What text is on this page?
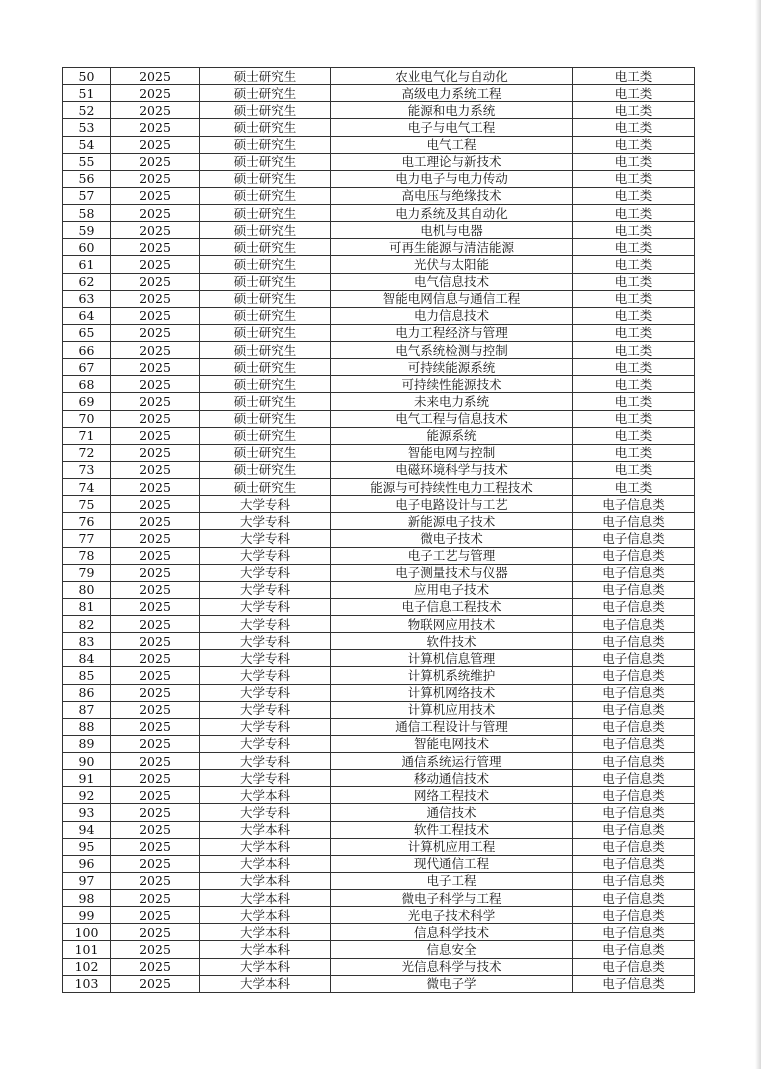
50	2025	硕士研究生	农业电气化与自动化	电工类
51	2025	硕士研究生	高级电力系统工程	电工类
52	2025	硕士研究生	能源和电力系统	电工类
53	2025	硕士研究生	电子与电气工程	电工类
54	2025	硕士研究生	电气工程	电工类
55	2025	硕士研究生	电工理论与新技术	电工类
56	2025	硕士研究生	电力电子与电力传动	电工类
57	2025	硕士研究生	高电压与绝缘技术	电工类
58	2025	硕士研究生	电力系统及其自动化	电工类
59	2025	硕士研究生	电机与电器	电工类
60	2025	硕士研究生	可再生能源与清洁能源	电工类
61	2025	硕士研究生	光伏与太阳能	电工类
62	2025	硕士研究生	电气信息技术	电工类
63	2025	硕士研究生	智能电网信息与通信工程	电工类
64	2025	硕士研究生	电力信息技术	电工类
65	2025	硕士研究生	电力工程经济与管理	电工类
66	2025	硕士研究生	电气系统检测与控制	电工类
67	2025	硕士研究生	可持续能源系统	电工类
68	2025	硕士研究生	可持续性能源技术	电工类
69	2025	硕士研究生	未来电力系统	电工类
70	2025	硕士研究生	电气工程与信息技术	电工类
71	2025	硕士研究生	能源系统	电工类
72	2025	硕士研究生	智能电网与控制	电工类
73	2025	硕士研究生	电磁环境科学与技术	电工类
74	2025	硕士研究生	能源与可持续性电力工程技术	电工类
75	2025	大学专科	电子电路设计与工艺	电子信息类
76	2025	大学专科	新能源电子技术	电子信息类
77	2025	大学专科	微电子技术	电子信息类
78	2025	大学专科	电子工艺与管理	电子信息类
79	2025	大学专科	电子测量技术与仪器	电子信息类
80	2025	大学专科	应用电子技术	电子信息类
81	2025	大学专科	电子信息工程技术	电子信息类
82	2025	大学专科	物联网应用技术	电子信息类
83	2025	大学专科	软件技术	电子信息类
84	2025	大学专科	计算机信息管理	电子信息类
85	2025	大学专科	计算机系统维护	电子信息类
86	2025	大学专科	计算机网络技术	电子信息类
87	2025	大学专科	计算机应用技术	电子信息类
88	2025	大学专科	通信工程设计与管理	电子信息类
89	2025	大学专科	智能电网技术	电子信息类
90	2025	大学专科	通信系统运行管理	电子信息类
91	2025	大学专科	移动通信技术	电子信息类
92	2025	大学本科	网络工程技术	电子信息类
93	2025	大学专科	通信技术	电子信息类
94	2025	大学本科	软件工程技术	电子信息类
95	2025	大学本科	计算机应用工程	电子信息类
96	2025	大学本科	现代通信工程	电子信息类
97	2025	大学本科	电子工程	电子信息类
98	2025	大学本科	微电子科学与工程	电子信息类
99	2025	大学本科	光电子技术科学	电子信息类
100	2025	大学本科	信息科学技术	电子信息类
101	2025	大学本科	信息安全	电子信息类
102	2025	大学本科	光信息科学与技术	电子信息类
103	2025	大学本科	微电子学	电子信息类
